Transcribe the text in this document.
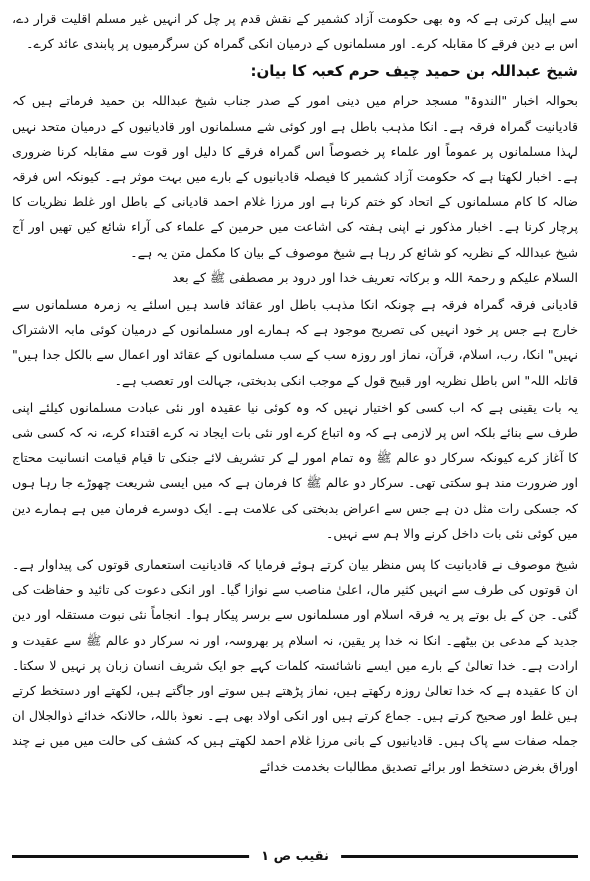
سے اپیل کرتی ہے کہ وہ بھی حکومت آزاد کشمیر کے نقش قدم پر چل کر انہیں غیر مسلم اقلیت قرار دے، اس بے دین فرقے کا مقابلہ کرے۔ اور مسلمانوں کے درمیان انکی گمراہ کن سرگرمیوں پر پابندی عائد کرے۔

شیخ عبداللہ بن حمید چیف حرم کعبہ کا بیان:

بحوالہ اخبار "الندوۃ" مسجد حرام میں دینی امور کے صدر جناب شیخ عبداللہ بن حمید فرماتے ہیں کہ قادیانیت گمراہ فرقہ ہے۔ انکا مذہب باطل ہے اور کوئی شے مسلمانوں اور قادیانیوں کے درمیان متحد نہیں لہذا مسلمانوں پر عموماً اور علماء پر خصوصاً اس گمراہ فرقے کا دلیل اور قوت سے مقابلہ کرنا ضروری ہے۔ اخبار لکھتا ہے کہ حکومت آزاد کشمیر کا فیصلہ قادیانیوں کے بارے میں بہت موثر ہے۔ کیونکہ اس فرقہ ضالہ کا کام مسلمانوں کے اتحاد کو ختم کرنا ہے اور مرزا غلام احمد قادیانی کے باطل اور غلط نظریات کا پرچار کرنا ہے۔ اخبار مذکور نے اپنی ہفتہ کی اشاعت میں حرمین کے علماء کی آراء شائع کیں تھیں اور آج شیخ عبداللہ کے نظریہ کو شائع کر رہا ہے شیخ موصوف کے بیان کا مکمل متن یہ ہے۔

السلام علیکم و رحمۃ اللہ و برکاتہ تعریف خدا اور درود بر مصطفی ﷺ کے بعد

قادیانی فرقہ گمراہ فرقہ ہے چونکہ انکا مذہب باطل اور عقائد فاسد ہیں اسلئے یہ زمرہ مسلمانوں سے خارج ہے جس پر خود انہیں کی تصریح موجود ہے کہ ہمارے اور مسلمانوں کے درمیان کوئی مابہ الاشتراک نہیں" انکا، رب، اسلام، قرآن، نماز اور روزہ سب کے سب مسلمانوں کے عقائد اور اعمال سے بالکل جدا ہیں" قاتلہ اللہ" اس باطل نظریہ اور قبیح قول کے موجب انکی بدبختی، جہالت اور تعصب ہے۔

یہ بات یقینی ہے کہ اب کسی کو اختیار نہیں کہ وہ کوئی نیا عقیدہ اور نئی عبادت مسلمانوں کیلئے اپنی طرف سے بنائے بلکہ اس پر لازمی ہے کہ وہ اتباع کرے اور نئی بات ایجاد نہ کرے اقتداء کرے، نہ کہ کسی شی کا آغاز کرے کیونکہ سرکار دو عالم ﷺ وہ تمام امور لے کر تشریف لائے جنکی تا قیام قیامت انسانیت محتاج اور ضرورت مند ہو سکتی تھی۔ سرکار دو عالم ﷺ کا فرمان ہے کہ میں ایسی شریعت چھوڑے جا رہا ہوں کہ جسکی رات مثل دن ہے جس سے اعراض بدبختی کی علامت ہے۔ ایک دوسرے فرمان میں ہے ہمارے دین میں کوئی نئی بات داخل کرنے والا ہم سے نہیں۔

شیخ موصوف نے قادیانیت کا پس منظر بیان کرتے ہوئے فرمایا کہ قادیانیت استعماری قوتوں کی پیداوار ہے۔ ان قوتوں کی طرف سے انہیں کثیر مال، اعلیٰ مناصب سے نوازا گیا۔ اور انکی دعوت کی تائید و حفاظت کی گئی۔ جن کے بل بوتے پر یہ فرقہ اسلام اور مسلمانوں سے برسر پیکار ہوا۔ انجاماً نئی نبوت مستقلہ اور دین جدید کے مدعی بن بیٹھے۔ انکا نہ خدا پر یقین، نہ اسلام پر بھروسہ، اور نہ سرکار دو عالم ﷺ سے عقیدت و ارادت ہے۔ خدا تعالیٰ کے بارے میں ایسے ناشائستہ کلمات کہے جو ایک شریف انسان زبان پر نہیں لا سکتا۔ ان کا عقیدہ ہے کہ خدا تعالیٰ روزہ رکھتے ہیں، نماز پڑھتے ہیں سوتے اور جاگتے ہیں، لکھتے اور دستخط کرتے ہیں غلط اور صحیح کرتے ہیں۔ جماع کرتے ہیں اور انکی اولاد بھی ہے۔ نعوذ باللہ، حالانکہ خدائے ذوالجلال ان جملہ صفات سے پاک ہیں۔ قادیانیوں کے بانی مرزا غلام احمد لکھتے ہیں کہ کشف کی حالت میں میں نے چند اوراق بغرض دستخط اور برائے تصدیق مطالبات بخدمت خدائے

نقیب ص ۱
